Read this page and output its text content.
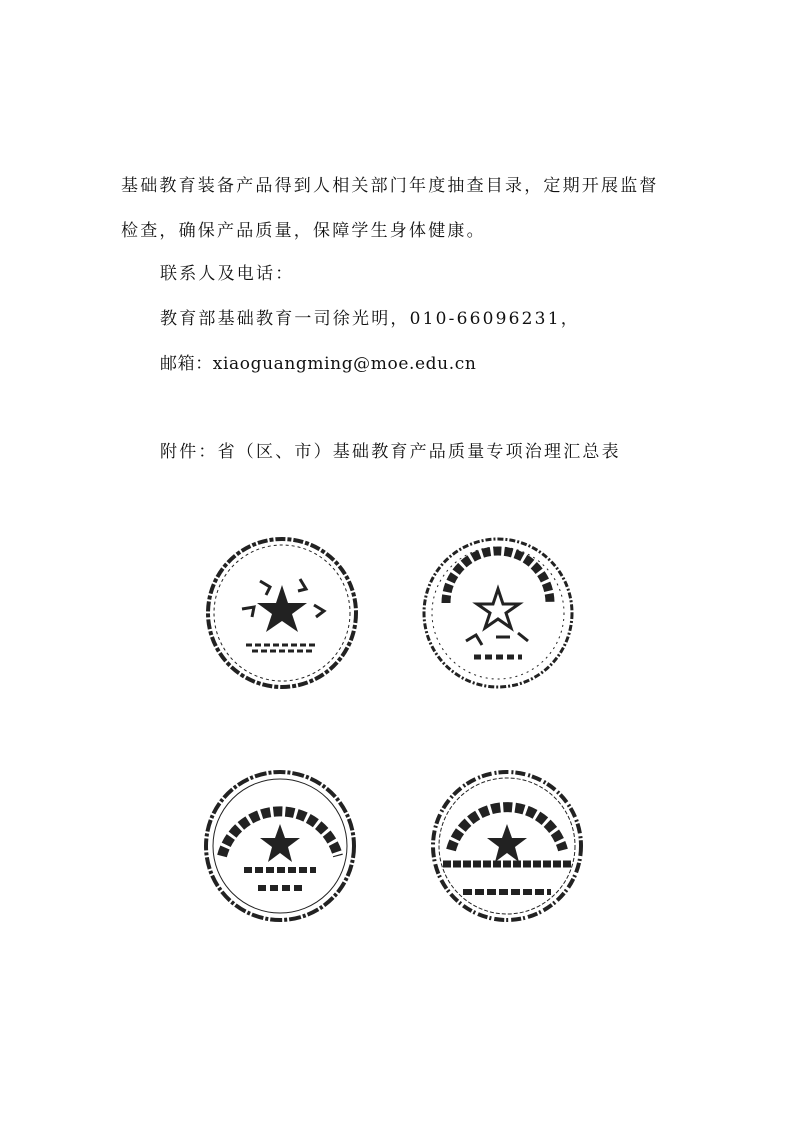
基础教育装备产品得到人相关部门年度抽查目录，定期开展监督
检查，确保产品质量，保障学生身体健康。
联系人及电话：
教育部基础教育一司徐光明，010-66096231，
邮箱：xiaoguangming@moe.edu.cn
附件：省（区、市）基础教育产品质量专项治理汇总表
